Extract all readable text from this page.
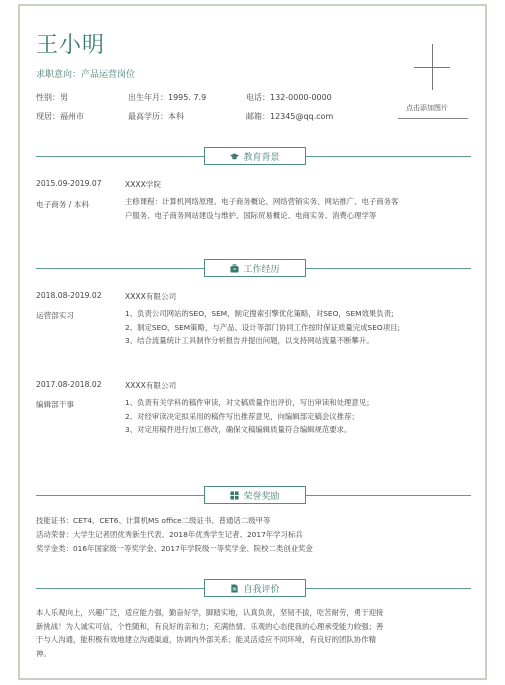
王小明
求职意向：产品运营岗位
性别：男	出生年月：1995. 7.9	电话：132-0000-0000
现居：福州市	最高学历：本科	邮箱：12345@qq.com
点击添加图片
教育背景
2015.09-2019.07	XXXX学院
电子商务 / 本科	主修课程：计算机网络原理、电子商务概论、网络营销实务、网站推广、电子商务客
户服务、电子商务网站建设与维护、国际贸易概论、电商实务、消费心理学等
工作经历
2018.08-2019.02	XXXX有限公司
运营部实习	1、负责公司网站的SEO，SEM，制定搜索引擎优化策略，对SEO，SEM效果负责;
2、制定SEO，SEM策略，与产品、设计等部门协同工作按时保证质量完成SEO项目;
3、结合流量统计工具制作分析报告并提出问题，以支持网站流量不断攀升。
2017.08-2018.02	XXXX有限公司
编辑部干事	1、负责有关学科的稿件审读，对文稿质量作出评价，写出审读和处理意见；
2、对经审读决定拟采用的稿件写出推荐意见，向编辑部定稿会议推荐；
3、对定用稿件进行加工修改，确保文稿编辑质量符合编辑规范要求。
荣誉奖励
技能证书：CET4、CET6、计算机MS office二级证书、普通话二级甲等
活动荣誉：大学生记者团优秀新生代表、2018年优秀学生记者、2017年学习标兵
奖学金类：016年国家级一等奖学金、2017年学院级一等奖学金、院校二类创业奖金
自我评价
本人乐观向上，兴趣广泛，适应能力强，勤奋好学，脚踏实地，认真负责，坚韧不拔，吃苦耐劳，勇于迎接
新挑战！为人诚实可信，个性随和，有良好的亲和力；充满热情、乐观的心态使我的心理承受能力较强；善
于与人沟通，能积极有效地建立沟通渠道，协调内外部关系；能灵活适应不同环境，有良好的团队协作精
神。
